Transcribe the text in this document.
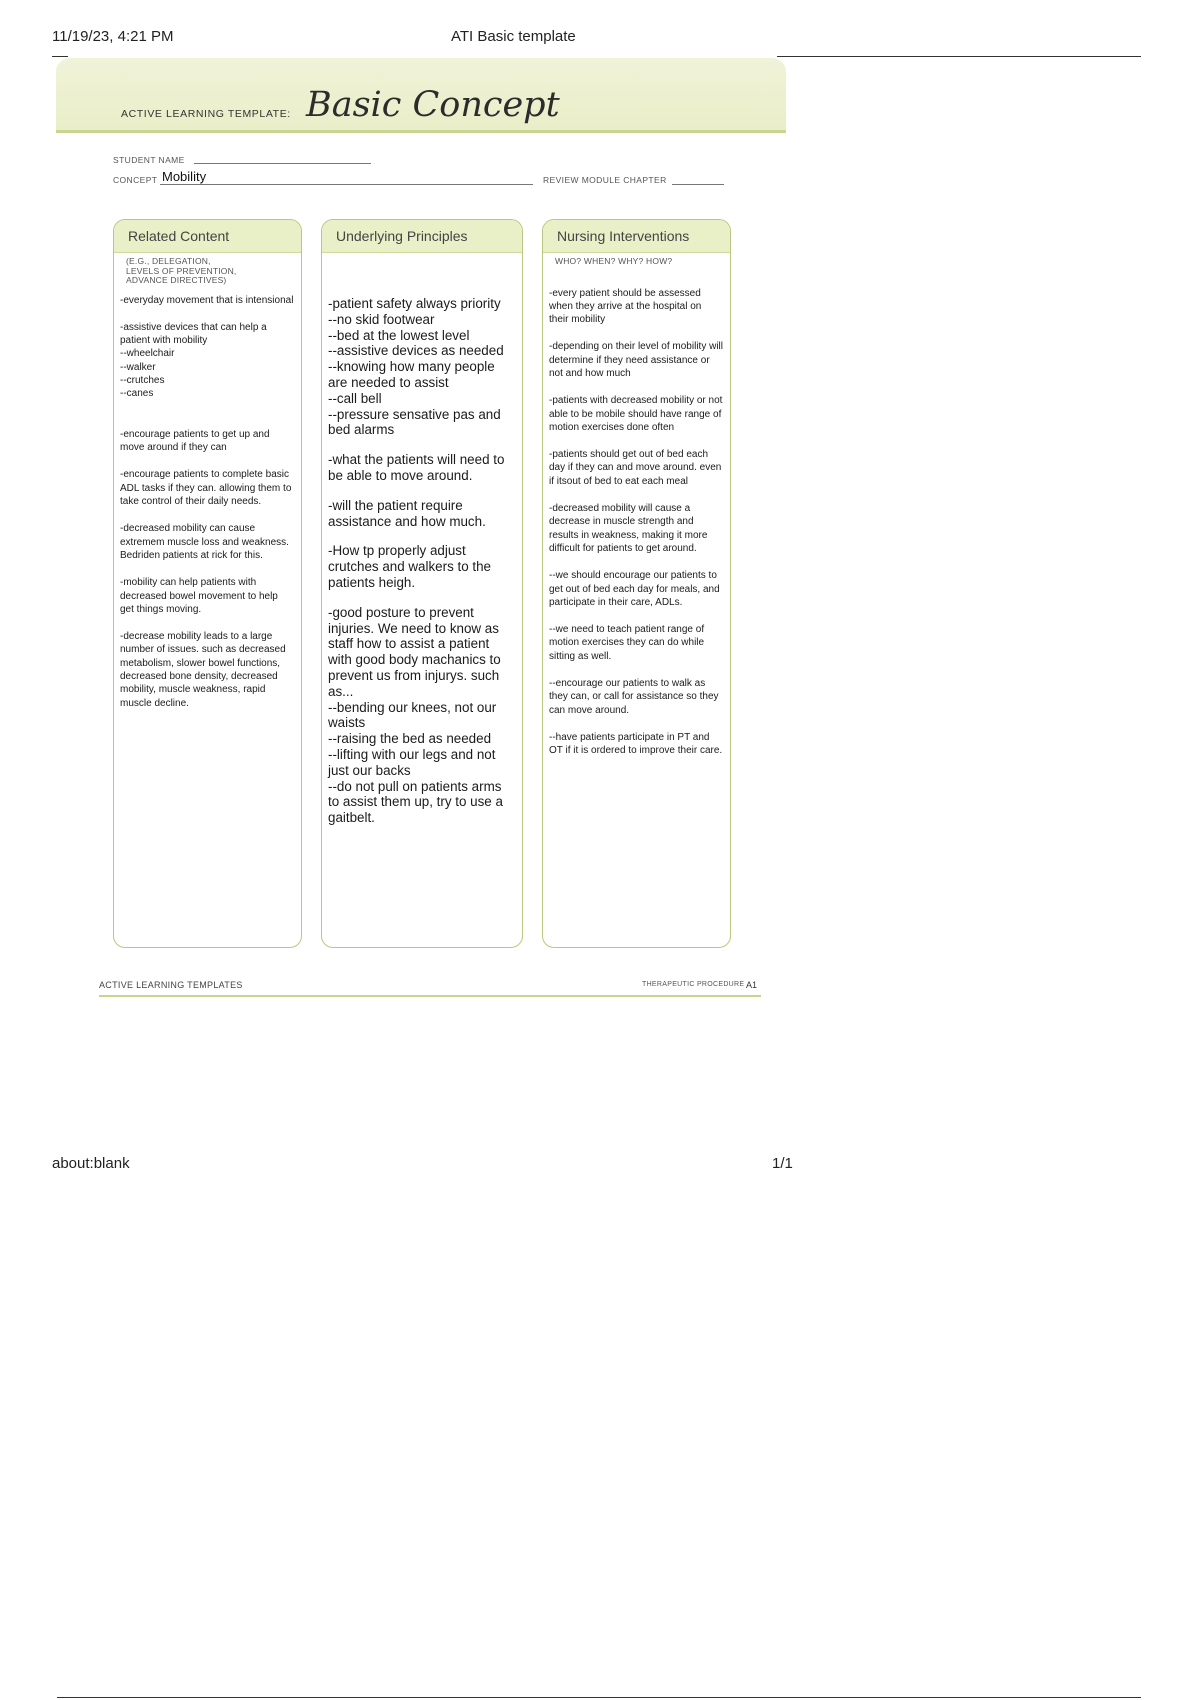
11/19/23, 4:21 PM	ATI Basic template
ACTIVE LEARNING TEMPLATE: Basic Concept
STUDENT NAME
CONCEPT Mobility	REVIEW MODULE CHAPTER
Related Content
(E.G., DELEGATION,
LEVELS OF PREVENTION,
ADVANCE DIRECTIVES)

-everyday movement that is intensional

-assistive devices that can help a patient with mobility
--wheelchair
--walker
--crutches
--canes

-encourage patients to get up and move around if they can

-encourage patients to complete basic ADL tasks if they can. allowing them to take control of their daily needs.

-decreased mobility can cause extremem muscle loss and weakness. Bedriden patients at rick for this.

-mobility can help patients with decreased bowel movement to help get things moving.

-decrease mobility leads to a large number of issues. such as decreased metabolism, slower bowel functions, decreased bone density, decreased mobility, muscle weakness, rapid muscle decline.

Underlying Principles

-patient safety always priority
--no skid footwear
--bed at the lowest level
--assistive devices as needed
--knowing how many people are needed to assist
--call bell
--pressure sensative pas and bed alarms

-what the patients will need to be able to move around.

-will the patient require assistance and how much.

-How tp properly adjust crutches and walkers to the patients heigh.

-good posture to prevent injuries. We need to know as staff how to assist a patient with good body machanics to prevent us from injurys. such as...
--bending our knees, not our waists
--raising the bed as needed
--lifting with our legs and not just our backs
--do not pull on patients arms to assist them up, try to use a gaitbelt.

Nursing Interventions
WHO? WHEN? WHY? HOW?

-every patient should be assessed when they arrive at the hospital on their mobility

-depending on their level of mobility will determine if they need assistance or not and how much

-patients with decreased mobility or not able to be mobile should have range of motion exercises done often

-patients should get out of bed each day if they can and move around. even if itsout of bed to eat each meal

-decreased mobility will cause a decrease in muscle strength and results in weakness, making it more difficult for patients to get around.

--we should encourage our patients to get out of bed each day for meals, and participate in their care, ADLs.

--we need to teach patient range of motion exercises they can do while sitting as well.

--encourage our patients to walk as they can, or call for assistance so they can move around.

--have patients participate in PT and OT if it is ordered to improve their care.

ACTIVE LEARNING TEMPLATES	THERAPEUTIC PROCEDURE A1
about:blank	1/1
